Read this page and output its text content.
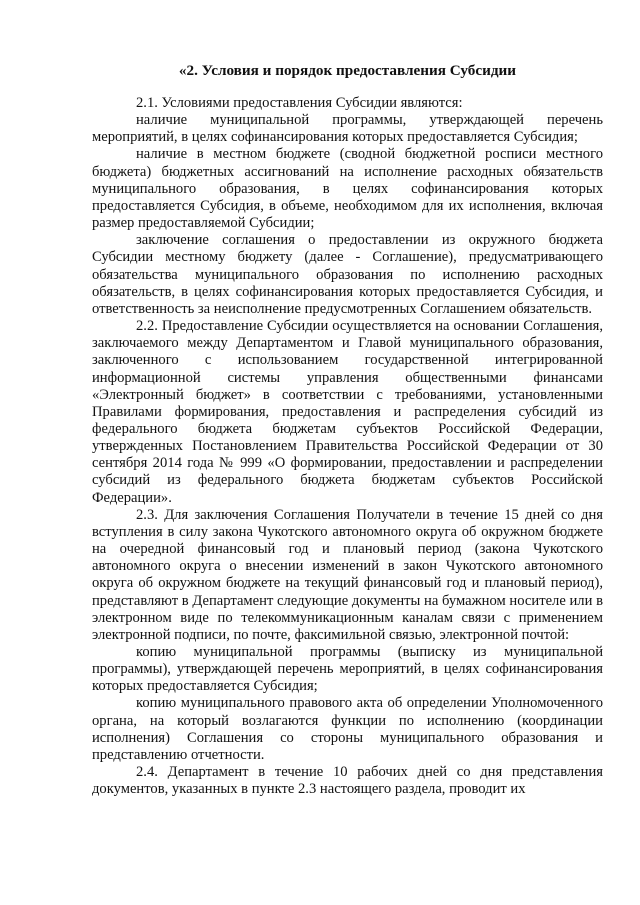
«2. Условия и порядок предоставления Субсидии

2.1. Условиями предоставления Субсидии являются:

наличие муниципальной программы, утверждающей перечень мероприятий, в целях софинансирования которых предоставляется Субсидия;

наличие в местном бюджете (сводной бюджетной росписи местного бюджета) бюджетных ассигнований на исполнение расходных обязательств муниципального образования, в целях софинансирования которых предоставляется Субсидия, в объеме, необходимом для их исполнения, включая размер предоставляемой Субсидии;

заключение соглашения о предоставлении из окружного бюджета Субсидии местному бюджету (далее - Соглашение), предусматривающего обязательства муниципального образования по исполнению расходных обязательств, в целях софинансирования которых предоставляется Субсидия, и ответственность за неисполнение предусмотренных Соглашением обязательств.

2.2. Предоставление Субсидии осуществляется на основании Соглашения, заключаемого между Департаментом и Главой муниципального образования, заключенного с использованием государственной интегрированной информационной системы управления общественными финансами «Электронный бюджет» в соответствии с требованиями, установленными Правилами формирования, предоставления и распределения субсидий из федерального бюджета бюджетам субъектов Российской Федерации, утвержденных Постановлением Правительства Российской Федерации от 30 сентября 2014 года № 999 «О формировании, предоставлении и распределении субсидий из федерального бюджета бюджетам субъектов Российской Федерации».

2.3. Для заключения Соглашения Получатели в течение 15 дней со дня вступления в силу закона Чукотского автономного округа об окружном бюджете на очередной финансовый год и плановый период (закона Чукотского автономного округа о внесении изменений в закон Чукотского автономного округа об окружном бюджете на текущий финансовый год и плановый период), представляют в Департамент следующие документы на бумажном носителе или в электронном виде по телекоммуникационным каналам связи с применением электронной подписи, по почте, факсимильной связью, электронной почтой:

копию муниципальной программы (выписку из муниципальной программы), утверждающей перечень мероприятий, в целях софинансирования которых предоставляется Субсидия;

копию муниципального правового акта об определении Уполномоченного органа, на который возлагаются функции по исполнению (координации исполнения) Соглашения со стороны муниципального образования и представлению отчетности.

2.4. Департамент в течение 10 рабочих дней со дня представления документов, указанных в пункте 2.3 настоящего раздела, проводит их
